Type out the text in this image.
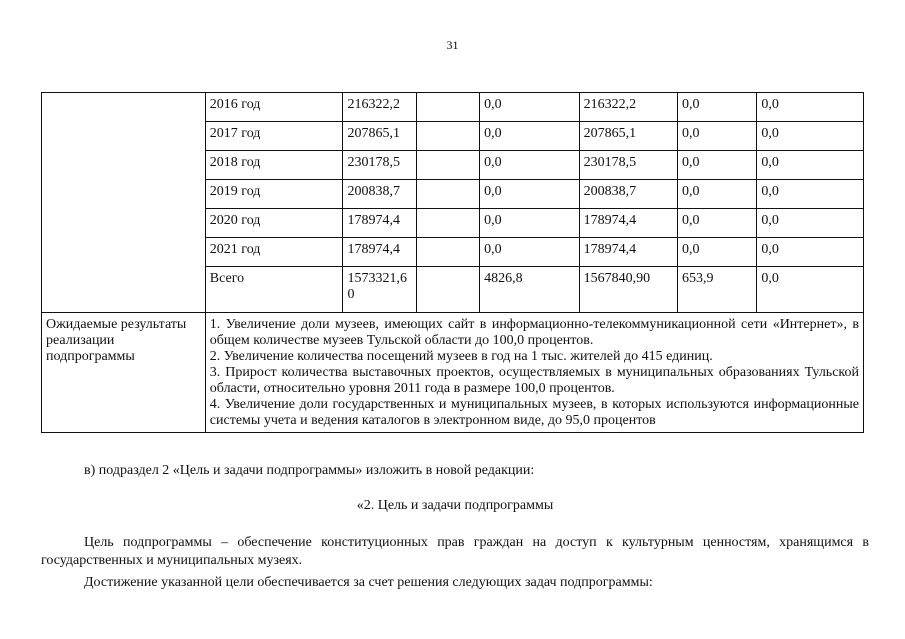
31
	2016 год	216322,2		0,0	216322,2	0,0	0,0
	2017 год	207865,1		0,0	207865,1	0,0	0,0
	2018 год	230178,5		0,0	230178,5	0,0	0,0
	2019 год	200838,7		0,0	200838,7	0,0	0,0
	2020 год	178974,4		0,0	178974,4	0,0	0,0
	2021 год	178974,4		0,0	178974,4	0,0	0,0
	Всего	1573321,60		4826,8	1567840,90	653,9	0,0
Ожидаемые результаты реализации подпрограммы	1. Увеличение доли музеев, имеющих сайт в информационно-телекоммуникационной сети «Интернет», в общем количестве музеев Тульской области до 100,0 процентов.

2. Увеличение количества посещений музеев в год на 1 тыс. жителей до 415 единиц.

3. Прирост количества выставочных проектов, осуществляемых в муниципальных образованиях Тульской области, относительно уровня 2011 года в размере 100,0 процентов.

4. Увеличение доли государственных и муниципальных музеев, в которых используются информационные системы учета и ведения каталогов в электронном виде, до 95,0 процентов						

в) подраздел 2 «Цель и задачи подпрограммы» изложить в новой редакции:

«2. Цель и задачи подпрограммы

Цель подпрограммы – обеспечение конституционных прав граждан на доступ к культурным ценностям, хранящимся в государственных и муниципальных музеях.

Достижение указанной цели обеспечивается за счет решения следующих задач подпрограммы:
